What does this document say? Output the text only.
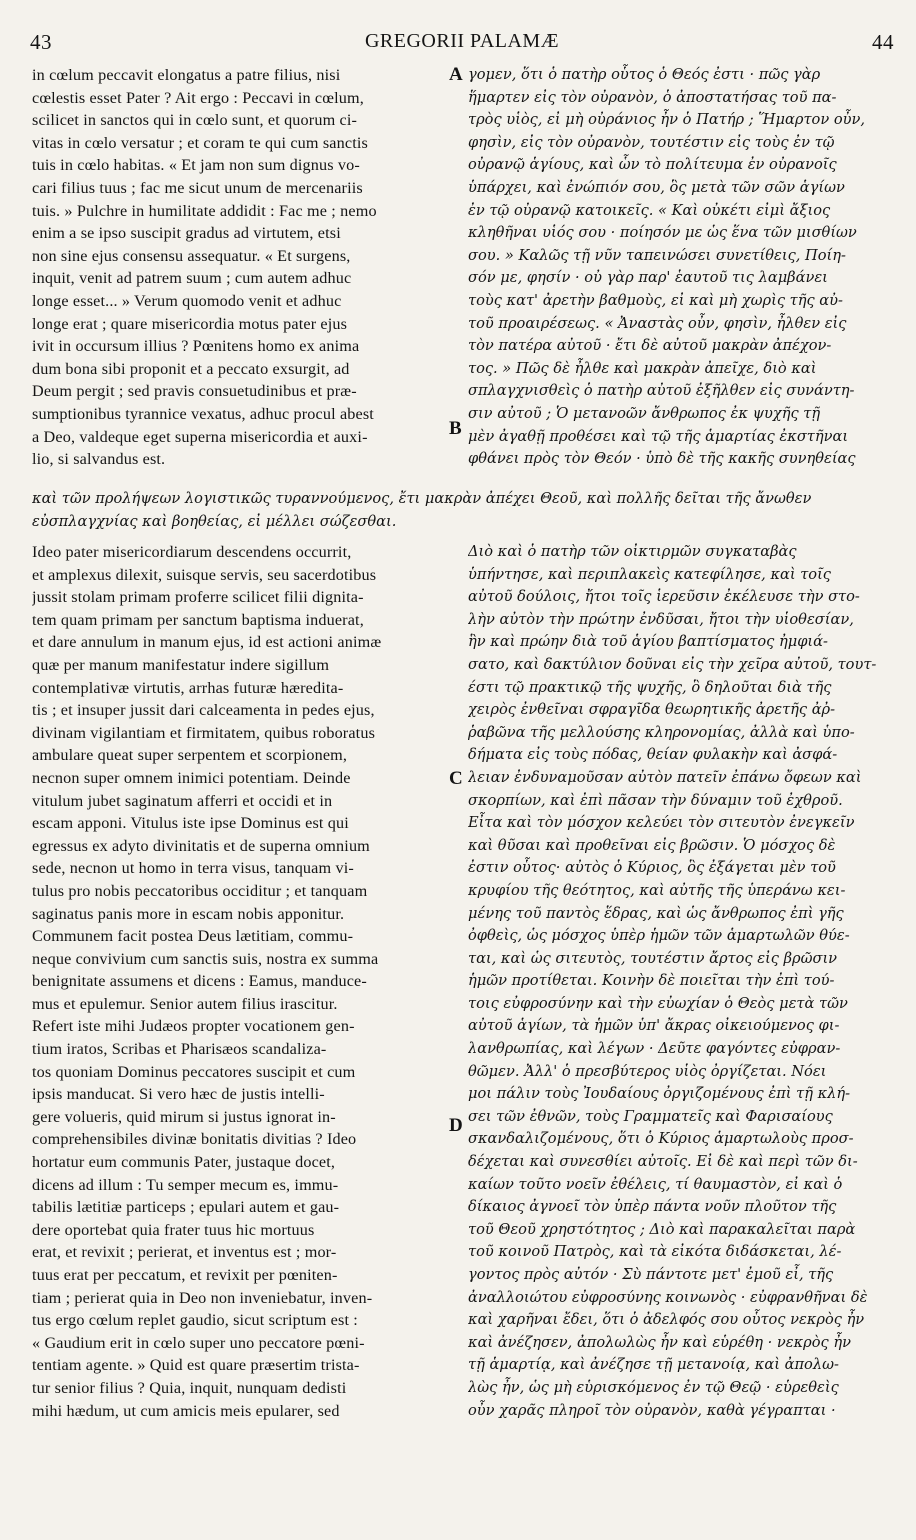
43	GREGORII PALAMÆ	44
A
B
C
D
in cœlum peccavit elongatus a patre filius, nisi
cœlestis esset Pater ? Ait ergo : Peccavi in cœlum,
scilicet in sanctos qui in cœlo sunt, et quorum ci-
vitas in cœlo versatur ; et coram te qui cum sanctis
tuis in cœlo habitas. « Et jam non sum dignus vo-
cari filius tuus ; fac me sicut unum de mercenariis
tuis. » Pulchre in humilitate addidit : Fac me ; nemo
enim a se ipso suscipit gradus ad virtutem, etsi
non sine ejus consensu assequatur. « Et surgens,
inquit, venit ad patrem suum ; cum autem adhuc
longe esset... » Verum quomodo venit et adhuc
longe erat ; quare misericordia motus pater ejus
ivit in occursum illius ? Pœnitens homo ex anima
dum bona sibi proponit et a peccato exsurgit, ad
Deum pergit ; sed pravis consuetudinibus et præ-
sumptionibus tyrannice vexatus, adhuc procul abest
a Deo, valdeque eget superna misericordia et auxi-
lio, si salvandus est.
γομεν, ὅτι ὁ πατὴρ οὗτος ὁ Θεός ἐστι · πῶς γὰρ
ἥμαρτεν εἰς τὸν οὐρανὸν, ὁ ἀποστατήσας τοῦ πα-
τρὸς υἱὸς, εἰ μὴ οὐράνιος ἦν ὁ Πατήρ ; Ἥμαρτον οὖν,
φησὶν, εἰς τὸν οὐρανὸν, τουτέστιν εἰς τοὺς ἐν τῷ
οὐρανῷ ἁγίους, καὶ ὧν τὸ πολίτευμα ἐν οὐρανοῖς
ὑπάρχει, καὶ ἐνώπιόν σου, ὃς μετὰ τῶν σῶν ἁγίων
ἐν τῷ οὐρανῷ κατοικεῖς. « Καὶ οὐκέτι εἰμὶ ἄξιος
κληθῆναι υἱός σου · ποίησόν με ὡς ἕνα τῶν μισθίων
σου. » Καλῶς τῇ νῦν ταπεινώσει συνετίθεις, Ποίη-
σόν με, φησίν · οὐ γὰρ παρ' ἑαυτοῦ τις λαμβάνει
τοὺς κατ' ἀρετὴν βαθμοὺς, εἰ καὶ μὴ χωρὶς τῆς αὐ-
τοῦ προαιρέσεως. « Ἀναστὰς οὖν, φησὶν, ἦλθεν εἰς
τὸν πατέρα αὐτοῦ · ἔτι δὲ αὐτοῦ μακρὰν ἀπέχον-
τος. » Πῶς δὲ ἦλθε καὶ μακρὰν ἀπεῖχε, διὸ καὶ
σπλαγχνισθεὶς ὁ πατὴρ αὐτοῦ ἐξῆλθεν εἰς συνάντη-
σιν αὐτοῦ ; Ὁ μετανοῶν ἄνθρωπος ἐκ ψυχῆς τῇ
μὲν ἀγαθῇ προθέσει καὶ τῷ τῆς ἁμαρτίας ἐκστῆναι
φθάνει πρὸς τὸν Θεόν · ὑπὸ δὲ τῆς κακῆς συνηθείας
καὶ τῶν προλήψεων λογιστικῶς τυραννούμενος, ἔτι μακρὰν ἀπέχει Θεοῦ, καὶ πολλῆς δεῖται τῆς ἄνωθεν
εὐσπλαγχνίας καὶ βοηθείας, εἰ μέλλει σώζεσθαι.
Ideo pater misericordiarum descendens occurrit,
et amplexus dilexit, suisque servis, seu sacerdotibus
jussit stolam primam proferre scilicet filii dignita-
tem quam primam per sanctum baptisma induerat,
et dare annulum in manum ejus, id est actioni animæ
quæ per manum manifestatur indere sigillum
contemplativæ virtutis, arrhas futuræ hæredita-
tis ; et insuper jussit dari calceamenta in pedes ejus,
divinam vigilantiam et firmitatem, quibus roboratus
ambulare queat super serpentem et scorpionem,
necnon super omnem inimici potentiam. Deinde
vitulum jubet saginatum afferri et occidi et in
escam apponi. Vitulus iste ipse Dominus est qui
egressus ex adyto divinitatis et de superna omnium
sede, necnon ut homo in terra visus, tanquam vi-
tulus pro nobis peccatoribus occiditur ; et tanquam
saginatus panis more in escam nobis apponitur.
Communem facit postea Deus lætitiam, commu-
neque convivium cum sanctis suis, nostra ex summa
benignitate assumens et dicens : Eamus, manduce-
mus et epulemur. Senior autem filius irascitur.
Refert iste mihi Judæos propter vocationem gen-
tium iratos, Scribas et Pharisæos scandaliza-
tos quoniam Dominus peccatores suscipit et cum
ipsis manducat. Si vero hæc de justis intelli-
gere volueris, quid mirum si justus ignorat in-
comprehensibiles divinæ bonitatis divitias ? Ideo
hortatur eum communis Pater, justaque docet,
dicens ad illum : Tu semper mecum es, immu-
tabilis lætitiæ particeps ; epulari autem et gau-
dere oportebat quia frater tuus hic mortuus
erat, et revixit ; perierat, et inventus est ; mor-
tuus erat per peccatum, et revixit per pœniten-
tiam ; perierat quia in Deo non inveniebatur, inven-
tus ergo cœlum replet gaudio, sicut scriptum est :
« Gaudium erit in cœlo super uno peccatore pœni-
tentiam agente. » Quid est quare præsertim trista-
tur senior filius ? Quia, inquit, nunquam dedisti
mihi hædum, ut cum amicis meis epularer, sed
Διὸ καὶ ὁ πατὴρ τῶν οἰκτιρμῶν συγκαταβὰς
ὑπήντησε, καὶ περιπλακεὶς κατεφίλησε, καὶ τοῖς
αὐτοῦ δούλοις, ἤτοι τοῖς ἱερεῦσιν ἐκέλευσε τὴν στο-
λὴν αὐτὸν τὴν πρώτην ἐνδῦσαι, ἤτοι τὴν υἱοθεσίαν,
ἣν καὶ πρώην διὰ τοῦ ἁγίου βαπτίσματος ἠμφιά-
σατο, καὶ δακτύλιον δοῦναι εἰς τὴν χεῖρα αὐτοῦ, τουτ-
έστι τῷ πρακτικῷ τῆς ψυχῆς, ὃ δηλοῦται διὰ τῆς
χειρὸς ἐνθεῖναι σφραγῖδα θεωρητικῆς ἀρετῆς ἀῤ-
ῥαβῶνα τῆς μελλούσης κληρονομίας, ἀλλὰ καὶ ὑπο-
δήματα εἰς τοὺς πόδας, θείαν φυλακὴν καὶ ἀσφά-
λειαν ἐνδυναμοῦσαν αὐτὸν πατεῖν ἐπάνω ὄφεων καὶ
σκορπίων, καὶ ἐπὶ πᾶσαν τὴν δύναμιν τοῦ ἐχθροῦ.
Εἶτα καὶ τὸν μόσχον κελεύει τὸν σιτευτὸν ἐνεγκεῖν
καὶ θῦσαι καὶ προθεῖναι εἰς βρῶσιν. Ὁ μόσχος δὲ
ἐστιν οὗτος· αὐτὸς ὁ Κύριος, ὃς ἐξάγεται μὲν τοῦ
κρυφίου τῆς θεότητος, καὶ αὐτῆς τῆς ὑπεράνω κει-
μένης τοῦ παντὸς ἕδρας, καὶ ὡς ἄνθρωπος ἐπὶ γῆς
ὀφθεὶς, ὡς μόσχος ὑπὲρ ἡμῶν τῶν ἁμαρτωλῶν θύε-
ται, καὶ ὡς σιτευτὸς, τουτέστιν ἄρτος εἰς βρῶσιν
ἡμῶν προτίθεται. Κοινὴν δὲ ποιεῖται τὴν ἐπὶ τού-
τοις εὐφροσύνην καὶ τὴν εὐωχίαν ὁ Θεὸς μετὰ τῶν
αὐτοῦ ἁγίων, τὰ ἡμῶν ὑπ' ἄκρας οἰκειούμενος φι-
λανθρωπίας, καὶ λέγων · Δεῦτε φαγόντες εὐφραν-
θῶμεν. Ἀλλ' ὁ πρεσβύτερος υἱὸς ὀργίζεται. Νόει
μοι πάλιν τοὺς Ἰουδαίους ὀργιζομένους ἐπὶ τῇ κλή-
σει τῶν ἐθνῶν, τοὺς Γραμματεῖς καὶ Φαρισαίους
σκανδαλιζομένους, ὅτι ὁ Κύριος ἁμαρτωλοὺς προσ-
δέχεται καὶ συνεσθίει αὐτοῖς. Εἰ δὲ καὶ περὶ τῶν δι-
καίων τοῦτο νοεῖν ἐθέλεις, τί θαυμαστὸν, εἰ καὶ ὁ
δίκαιος ἀγνοεῖ τὸν ὑπὲρ πάντα νοῦν πλοῦτον τῆς
τοῦ Θεοῦ χρηστότητος ; Διὸ καὶ παρακαλεῖται παρὰ
τοῦ κοινοῦ Πατρὸς, καὶ τὰ εἰκότα διδάσκεται, λέ-
γοντος πρὸς αὐτόν · Σὺ πάντοτε μετ' ἐμοῦ εἶ, τῆς
ἀναλλοιώτου εὐφροσύνης κοινωνὸς · εὐφρανθῆναι δὲ
καὶ χαρῆναι ἔδει, ὅτι ὁ ἀδελφός σου οὗτος νεκρὸς ἦν
καὶ ἀνέζησεν, ἀπολωλὼς ἦν καὶ εὑρέθη · νεκρὸς ἦν
τῇ ἁμαρτίᾳ, καὶ ἀνέζησε τῇ μετανοίᾳ, καὶ ἀπολω-
λὼς ἦν, ὡς μὴ εὑρισκόμενος ἐν τῷ Θεῷ · εὑρεθεὶς
οὖν χαρᾶς πληροῖ τὸν οὐρανὸν, καθὰ γέγραπται ·
